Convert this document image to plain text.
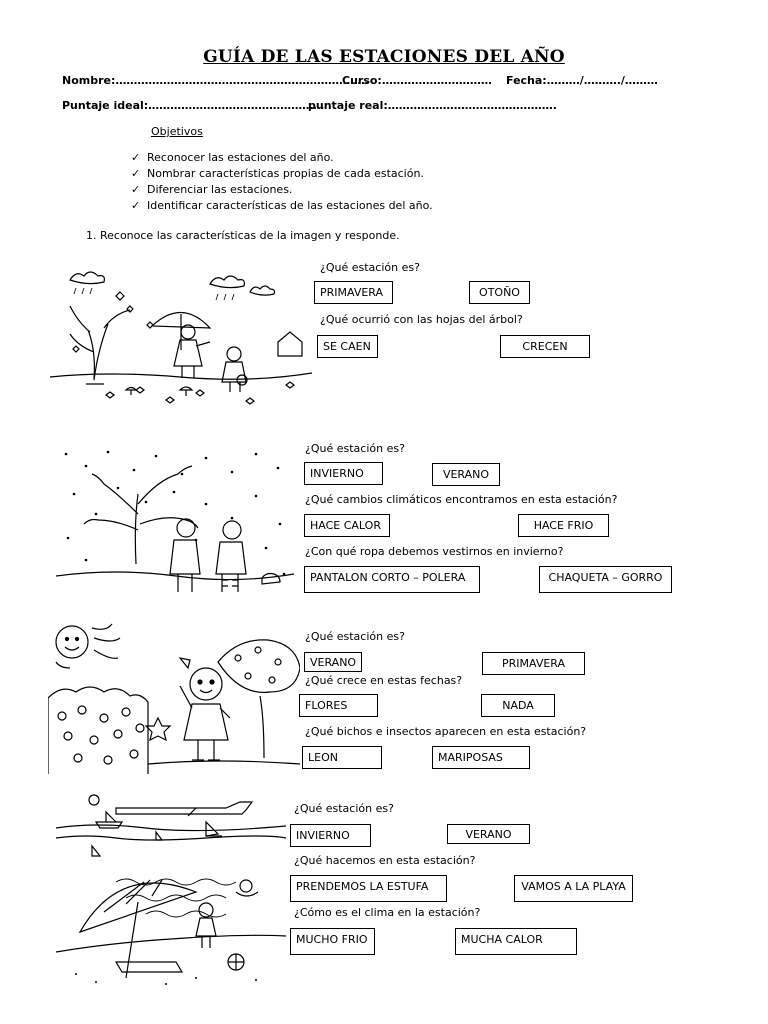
GUÍA DE LAS ESTACIONES DEL AÑO
Nombre:……………………………………………………………
Curso:………………………… Fecha:………/………./………
Puntaje ideal:…………………………………………
puntaje real:……………………………………….
Objetivos
✓ Reconocer las estaciones del año.
✓ Nombrar características propias de cada estación.
✓ Diferenciar las estaciones.
✓ Identificar características de las estaciones del año.
1. Reconoce las características de la imagen y responde.
¿Qué estación es?
PRIMAVERA	OTOÑO
¿Qué ocurrió con las hojas del árbol?
SE CAEN	CRECEN
¿Qué estación es?
INVIERNO	VERANO
¿Qué cambios climáticos encontramos en esta estación?
HACE CALOR	HACE FRIO
¿Con qué ropa debemos vestirnos en invierno?
PANTALON CORTO – POLERA	CHAQUETA – GORRO
¿Qué estación es?
VERANO	PRIMAVERA
¿Qué crece en estas fechas?
FLORES	NADA
¿Qué bichos e insectos aparecen en esta estación?
LEON	MARIPOSAS
¿Qué estación es?
INVIERNO	VERANO
¿Qué hacemos en esta estación?
PRENDEMOS LA ESTUFA	VAMOS A LA PLAYA
¿Cómo es el clima en la estación?
MUCHO FRIO	MUCHA CALOR
